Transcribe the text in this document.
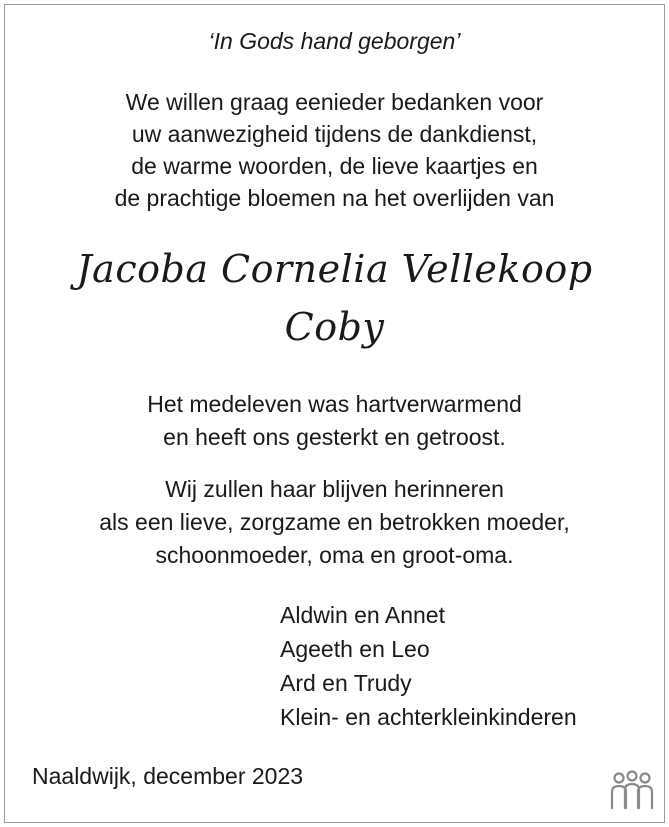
‘In Gods hand geborgen’
We willen graag eenieder bedanken voor
uw aanwezigheid tijdens de dankdienst,
de warme woorden, de lieve kaartjes en
de prachtige bloemen na het overlijden van
Jacoba Cornelia Vellekoop
Coby
Het medeleven was hartverwarmend
en heeft ons gesterkt en getroost.
Wij zullen haar blijven herinneren
als een lieve, zorgzame en betrokken moeder,
schoonmoeder, oma en groot-oma.
Aldwin en Annet
Ageeth en Leo
Ard en Trudy
Klein- en achterkleinkinderen
Naaldwijk, december 2023
